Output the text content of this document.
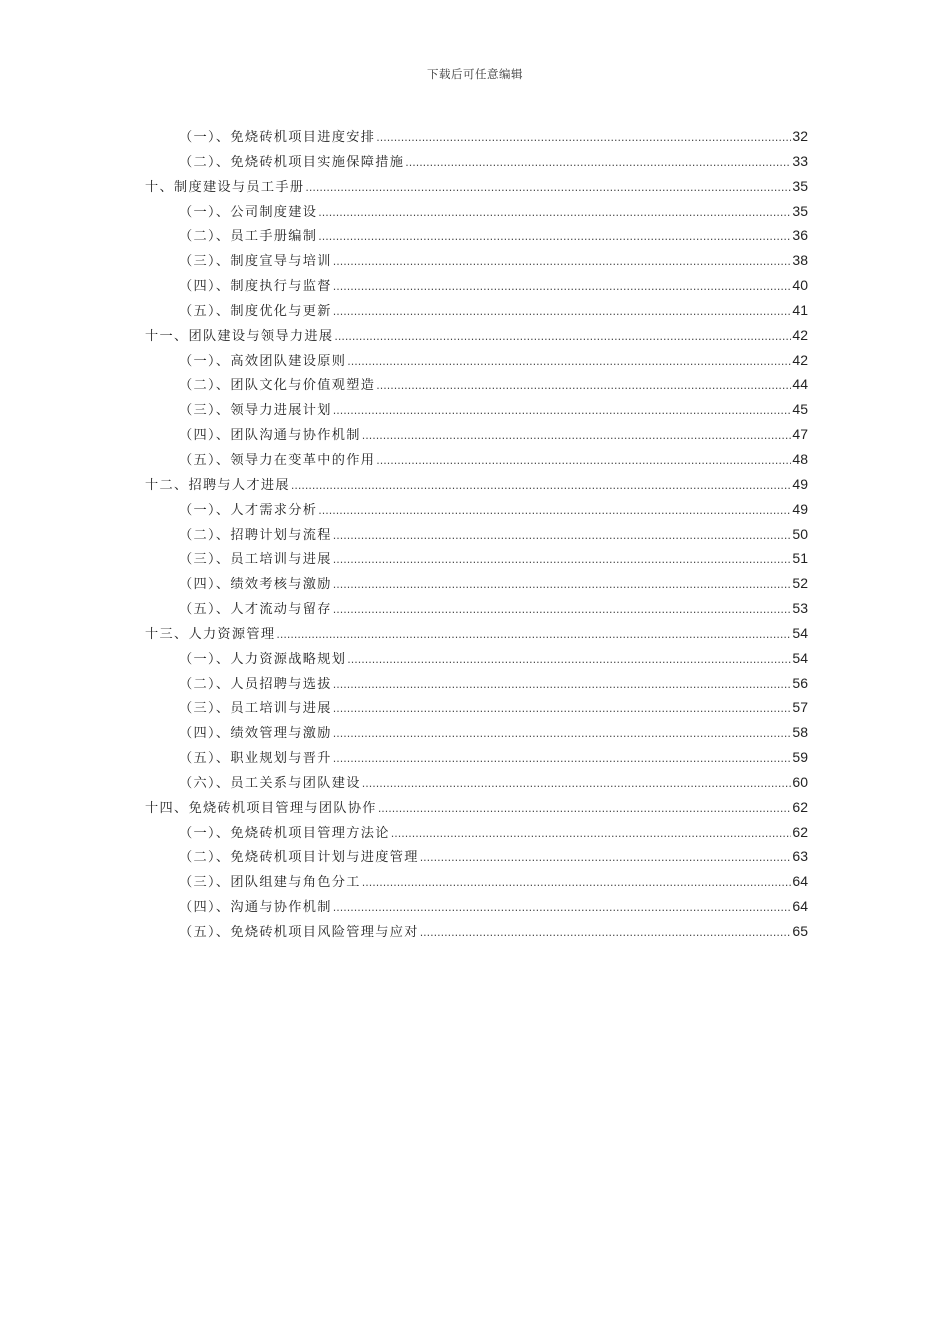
下载后可任意编辑
（一）、免烧砖机项目进度安排 .....	32
（二）、免烧砖机项目实施保障措施 .....	33
十、制度建设与员工手册 .....	35
（一）、公司制度建设 .....	35
（二）、员工手册编制 .....	36
（三）、制度宣导与培训 .....	38
（四）、制度执行与监督 .....	40
（五）、制度优化与更新 .....	41
十一、团队建设与领导力进展 .....	42
（一）、高效团队建设原则 .....	42
（二）、团队文化与价值观塑造 .....	44
（三）、领导力进展计划 .....	45
（四）、团队沟通与协作机制 .....	47
（五）、领导力在变革中的作用 .....	48
十二、招聘与人才进展 .....	49
（一）、人才需求分析 .....	49
（二）、招聘计划与流程 .....	50
（三）、员工培训与进展 .....	51
（四）、绩效考核与激励 .....	52
（五）、人才流动与留存 .....	53
十三、人力资源管理 .....	54
（一）、人力资源战略规划 .....	54
（二）、人员招聘与选拔 .....	56
（三）、员工培训与进展 .....	57
（四）、绩效管理与激励 .....	58
（五）、职业规划与晋升 .....	59
（六）、员工关系与团队建设 .....	60
十四、免烧砖机项目管理与团队协作 .....	62
（一）、免烧砖机项目管理方法论 .....	62
（二）、免烧砖机项目计划与进度管理 .....	63
（三）、团队组建与角色分工 .....	64
（四）、沟通与协作机制 .....	64
（五）、免烧砖机项目风险管理与应对 .....	65
